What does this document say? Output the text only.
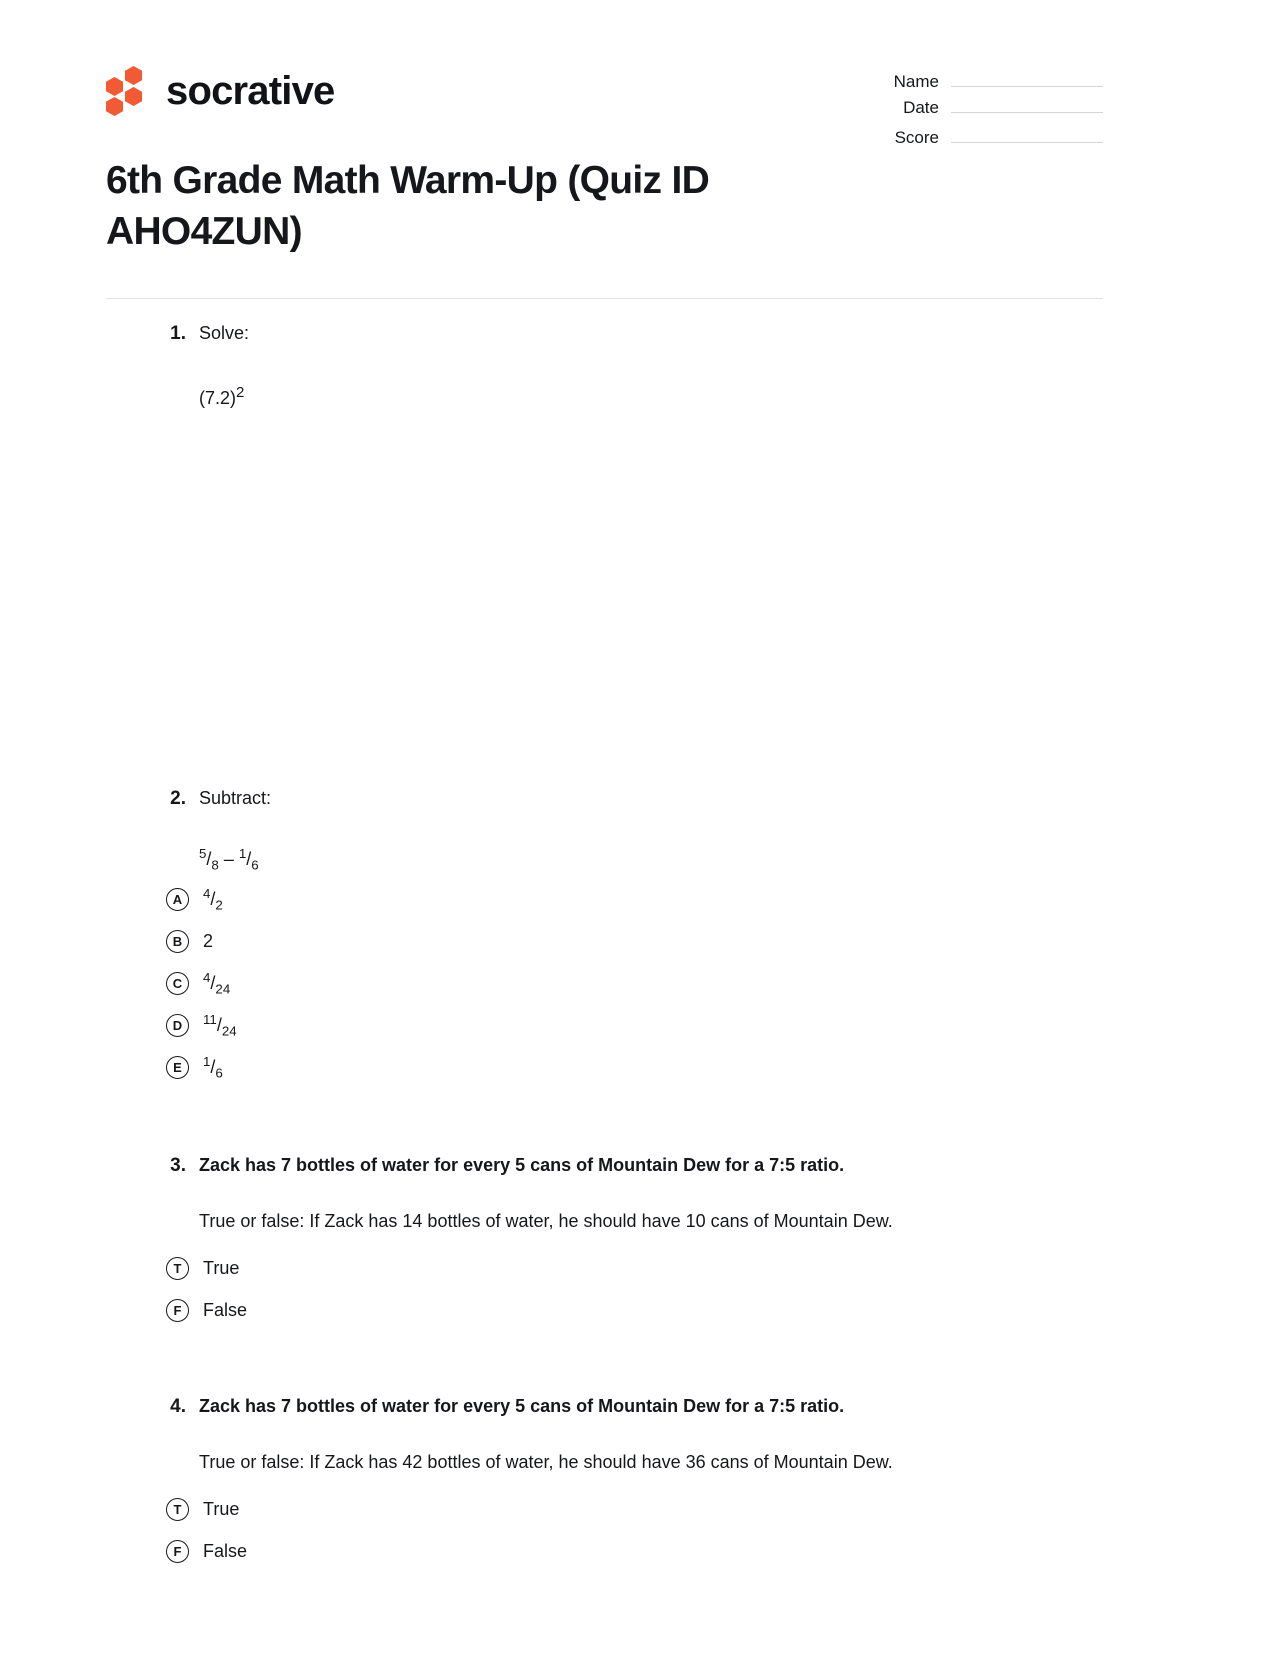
socrative	Name
Date
Score
6th Grade Math Warm-Up (Quiz ID AHO4ZUN)
1. Solve:
$(7.2)^2$
2. Subtract:
$^5/_8 - ^1/_6$
A	$^4/_2$
B	2
C	$^4/_{24}$
D	$^{11}/_{24}$
E	$^1/_6$
3. Zack has 7 bottles of water for every 5 cans of Mountain Dew for a 7:5 ratio.
True or false: If Zack has 14 bottles of water, he should have 10 cans of Mountain Dew.
T	True
F	False
4. Zack has 7 bottles of water for every 5 cans of Mountain Dew for a 7:5 ratio.
True or false: If Zack has 42 bottles of water, he should have 36 cans of Mountain Dew.
T	True
F	False
